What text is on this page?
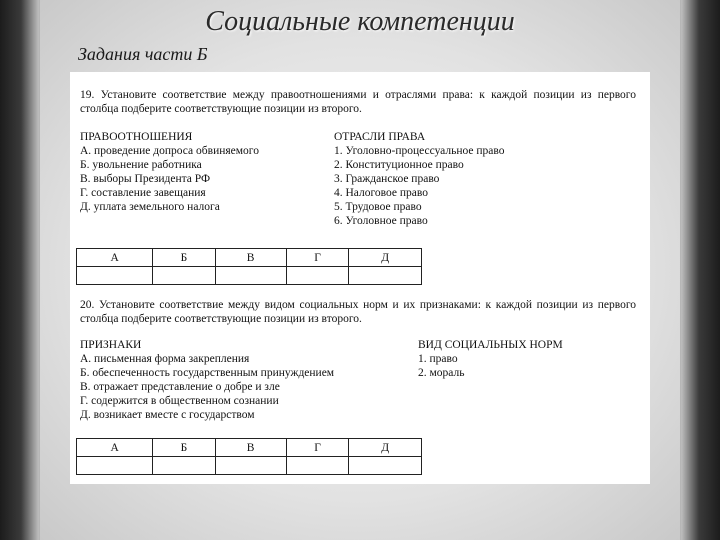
Социальные компетенции
Задания части Б
19. Установите соответствие между правоотношениями и отраслями права: к каждой позиции из первого столбца подберите соответствующие позиции из второго.
ПРАВООТНОШЕНИЯ
А. проведение допроса обвиняемого
Б. увольнение работника
В. выборы Президента РФ
Г. составление завещания
Д. уплата земельного налога
ОТРАСЛИ ПРАВА
1. Уголовно-процессуальное право
2. Конституционное право
3. Гражданское право
4. Налоговое право
5. Трудовое право
6. Уголовное право
А	Б	В	Г	Д

20. Установите соответствие между видом социальных норм и их признаками: к каждой позиции из первого столбца подберите соответствующие позиции из второго.
ПРИЗНАКИ
А. письменная форма закрепления
Б. обеспеченность государственным принуждением
В. отражает представление о добре и зле
Г. содержится в общественном сознании
Д. возникает вместе с государством
ВИД СОЦИАЛЬНЫХ НОРМ
1. право
2. мораль
А	Б	В	Г	Д
